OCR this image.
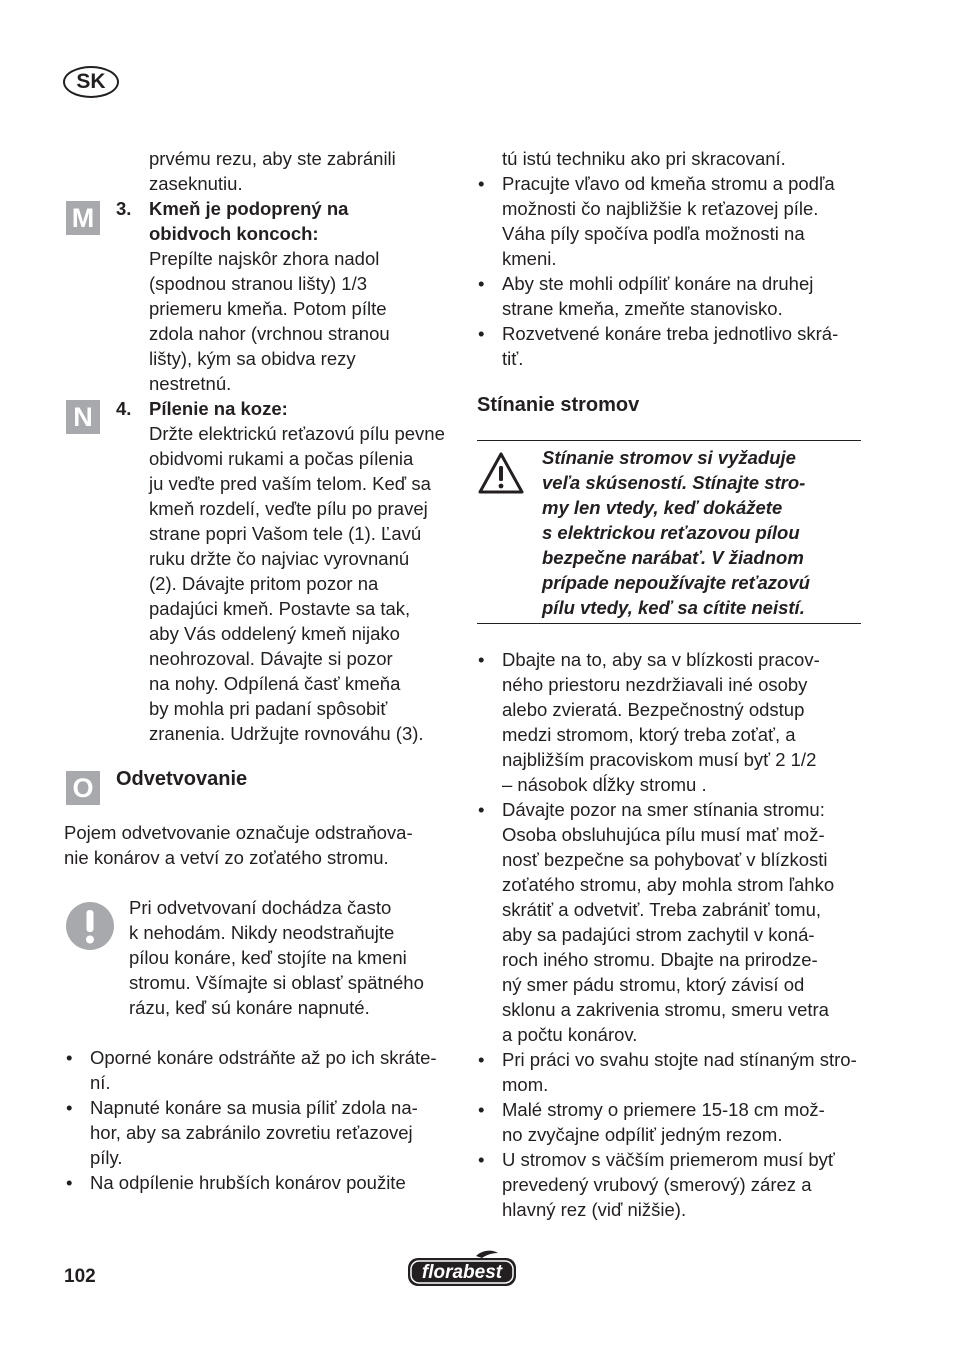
SK
prvému rezu, aby ste zabránili
zaseknutiu.
M	3. Kmeň je podoprený na
obidvoch koncoch:
Prepílte najskôr zhora nadol
(spodnou stranou lišty) 1/3
priemeru kmeňa. Potom pílte
zdola nahor (vrchnou stranou
lišty), kým sa obidva rezy
nestretnú.
N	4. Pílenie na koze:
Držte elektrickú reťazovú pílu pevne
obidvomi rukami a počas pílenia
ju veďte pred vaším telom. Keď sa
kmeň rozdelí, veďte pílu po pravej
strane popri Vašom tele (1). Ľavú
ruku držte čo najviac vyrovnanú
(2). Dávajte pritom pozor na
padajúci kmeň. Postavte sa tak,
aby Vás oddelený kmeň nijako
neohrozoval. Dávajte si pozor
na nohy. Odpílená časť kmeňa
by mohla pri padaní spôsobiť
zranenia. Udržujte rovnováhu (3).
O	Odvetvovanie
Pojem odvetvovanie označuje odstraňova-
nie konárov a vetví zo zoťatého stromu.
Pri odvetvovaní dochádza často
k nehodám. Nikdy neodstraňujte
pílou konáre, keď stojíte na kmeni
stromu. Všímajte si oblasť spätného
rázu, keď sú konáre napnuté.
• Oporné konáre odstráňte až po ich skráte-
ní.
• Napnuté konáre sa musia píliť zdola na-
hor, aby sa zabránilo zovretiu reťazovej
píly.
• Na odpílenie hrubších konárov použite
tú istú techniku ako pri skracovaní.
• Pracujte vľavo od kmeňa stromu a podľa
možnosti čo najbližšie k reťazovej píle.
Váha píly spočíva podľa možnosti na
kmeni.
• Aby ste mohli odpíliť konáre na druhej
strane kmeňa, zmeňte stanovisko.
• Rozvetvené konáre treba jednotlivo skrá-
tiť.
Stínanie stromov
Stínanie stromov si vyžaduje
veľa skúseností. Stínajte stro-
my len vtedy, keď dokážete
s elektrickou reťazovou pílou
bezpečne narábať. V žiadnom
prípade nepoužívajte reťazovú
pílu vtedy, keď sa cítite neistí.
• Dbajte na to, aby sa v blízkosti pracov-
ného priestoru nezdržiavali iné osoby
alebo zvieratá. Bezpečnostný odstup
medzi stromom, ktorý treba zoťať, a
najbližším pracoviskom musí byť 2 1/2
– násobok dĺžky stromu .
• Dávajte pozor na smer stínania stromu:
Osoba obsluhujúca pílu musí mať mož-
nosť bezpečne sa pohybovať v blízkosti
zoťatého stromu, aby mohla strom ľahko
skrátiť a odvetviť. Treba zabrániť tomu,
aby sa padajúci strom zachytil v koná-
roch iného stromu. Dbajte na prirodze-
ný smer pádu stromu, ktorý závisí od
sklonu a zakrivenia stromu, smeru vetra
a počtu konárov.
• Pri práci vo svahu stojte nad stínaným stro-
mom.
• Malé stromy o priemere 15-18 cm mož-
no zvyčajne odpíliť jedným rezom.
• U stromov s väčším priemerom musí byť
prevedený vrubový (smerový) zárez a
hlavný rez (viď nižšie).
102	florabest
